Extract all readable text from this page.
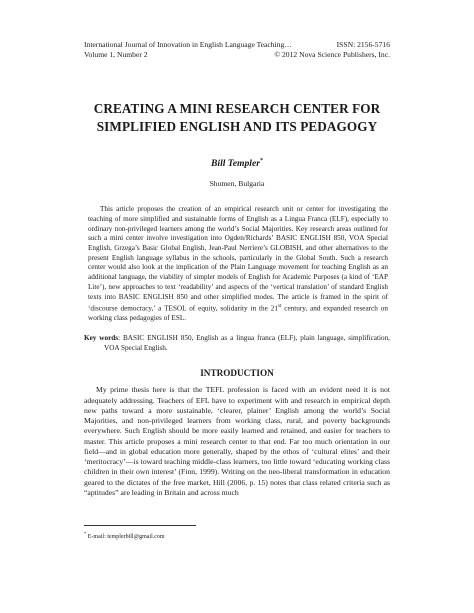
International Journal of Innovation in English Language Teaching…	ISSN: 2156-5716
Volume 1, Number 2	© 2012 Nova Science Publishers, Inc.
CREATING A MINI RESEARCH CENTER FOR
SIMPLIFIED ENGLISH AND ITS PEDAGOGY
Bill Templer*
Shumen, Bulgaria
This article proposes the creation of an empirical research unit or center for investigating the teaching of more simplified and sustainable forms of English as a Lingua Franca (ELF), especially to ordinary non-privileged learners among the world’s Social Majorities. Key research areas outlined for such a mini center involve investigation into Ogden/Richards’ BASIC ENGLISH 850, VOA Special English, Grzega’s Basic Global English, Jean-Paul Nerriere’s GLOBISH, and other alternatives to the present English language syllabus in the schools, particularly in the Global South. Such a research center would also look at the implication of the Plain Language movement for teaching English as an additional language, the viability of simpler models of English for Academic Purposes (a kind of ‘EAP Lite’), new approaches to text ‘readability’ and aspects of the ‘vertical translation’ of standard English texts into BASIC ENGLISH 850 and other simplified modes. The article is framed in the spirit of ‘discourse democracy,’ a TESOL of equity, solidarity in the 21st century, and expanded research on working class pedagogies of ESL.
Key words: BASIC ENGLISH 850, English as a lingua franca (ELF), plain language, simplification, VOA Special English.
INTRODUCTION
My prime thesis here is that the TEFL profession is faced with an evident need it is not adequately addressing. Teachers of EFL have to experiment with and research in empirical depth new paths toward a more sustainable, ‘clearer, plainer’ English among the world’s Social Majorities, and non-privileged learners from working class, rural, and poverty backgrounds everywhere. Such English should be more easily learned and retained, and easier for teachers to master. This article proposes a mini research center to that end. Far too much orientation in our field—and in global education more generally, shaped by the ethos of ‘cultural elites’ and their ‘meritocracy’—is toward teaching middle-class learners, too little toward ‘educating working class children in their own interest’ (Finn, 1999). Writing on the neo-liberal transformation in education geared to the dictates of the free market, Hill (2006, p. 15) notes that class related criteria such as “aptitudes” are leading in Britain and across much
* E-mail: templerbill@gmail.com
